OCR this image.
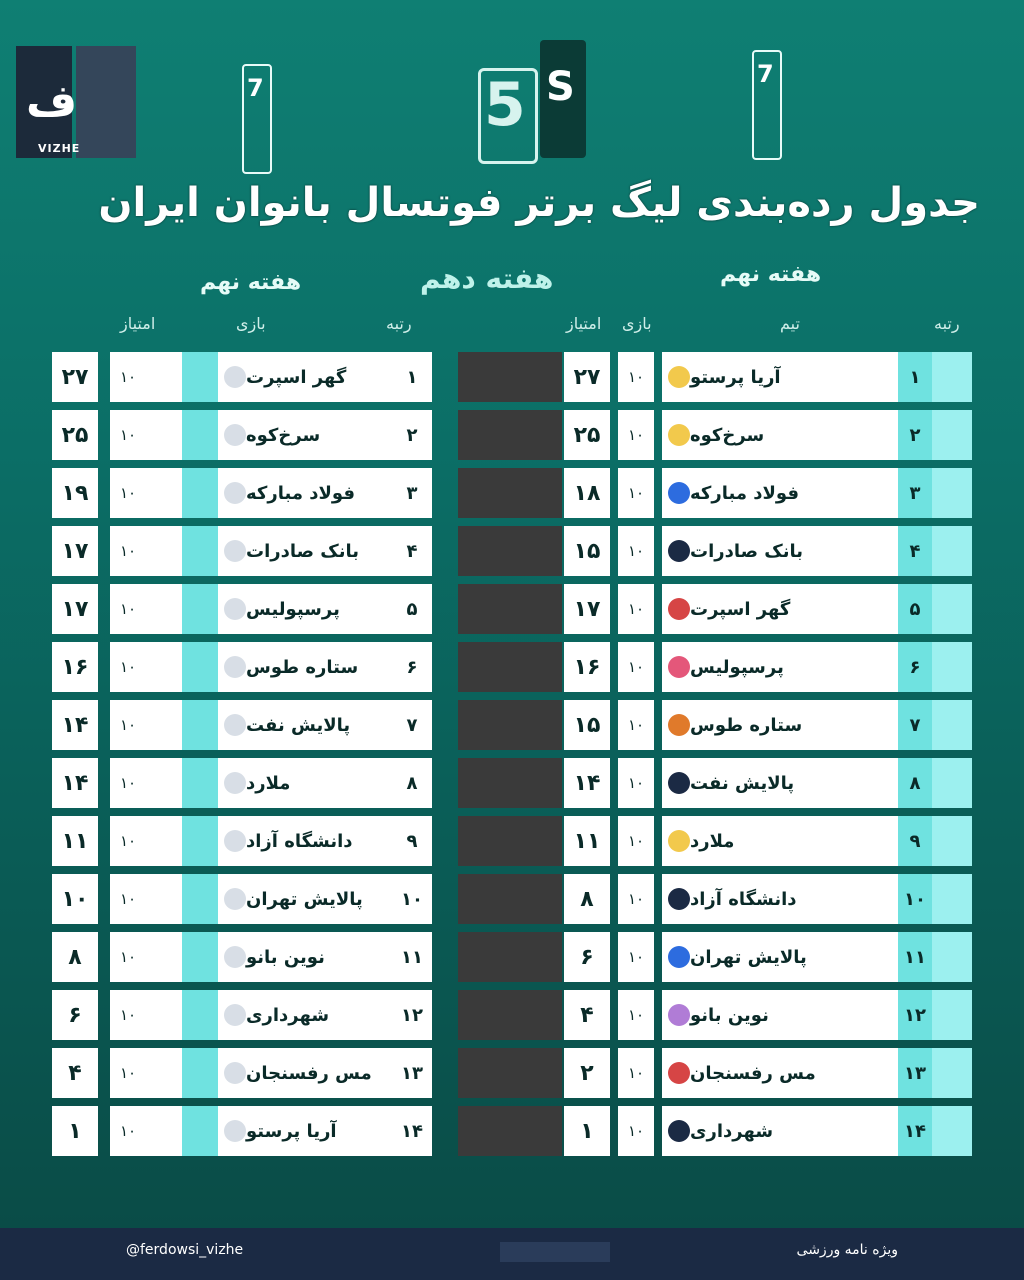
ف
VIZHE
7	5 S	7
جدول رده‌بندی لیگ برتر فوتسال بانوان ایران
هفته نهم
هفته دهم
هفته نهم
رتبه
تیم
بازی
امتیاز
رتبه
بازی
امتیاز
۲۷	۱۰	آریا پرستو	۱
۲۵	۱۰	سرخ‌کوه	۲
۱۸	۱۰	فولاد مبارکه	۳
۱۵	۱۰	بانک صادرات	۴
۱۷	۱۰	گهر اسپرت	۵
۱۶	۱۰	پرسپولیس	۶
۱۵	۱۰	ستاره طوس	۷
۱۴	۱۰	پالایش نفت	۸
۱۱	۱۰	ملارد	۹
۸	۱۰	دانشگاه آزاد	۱۰
۶	۱۰	پالایش تهران	۱۱
۴	۱۰	نوین بانو	۱۲
۲	۱۰	مس رفسنجان	۱۳
۱	۱۰	شهرداری	۱۴
۲۷	۱۰	گهر اسپرت	۱
۲۵	۱۰	سرخ‌کوه	۲
۱۹	۱۰	فولاد مبارکه	۳
۱۷	۱۰	بانک صادرات	۴
۱۷	۱۰	پرسپولیس	۵
۱۶	۱۰	ستاره طوس	۶
۱۴	۱۰	پالایش نفت	۷
۱۴	۱۰	ملارد	۸
۱۱	۱۰	دانشگاه آزاد	۹
۱۰	۱۰	پالایش تهران	۱۰
۸	۱۰	نوین بانو	۱۱
۶	۱۰	شهرداری	۱۲
۴	۱۰	مس رفسنجان	۱۳
۱	۱۰	آریا پرستو	۱۴
ویژه نامه ورزشی
@ferdowsi_vizhe
